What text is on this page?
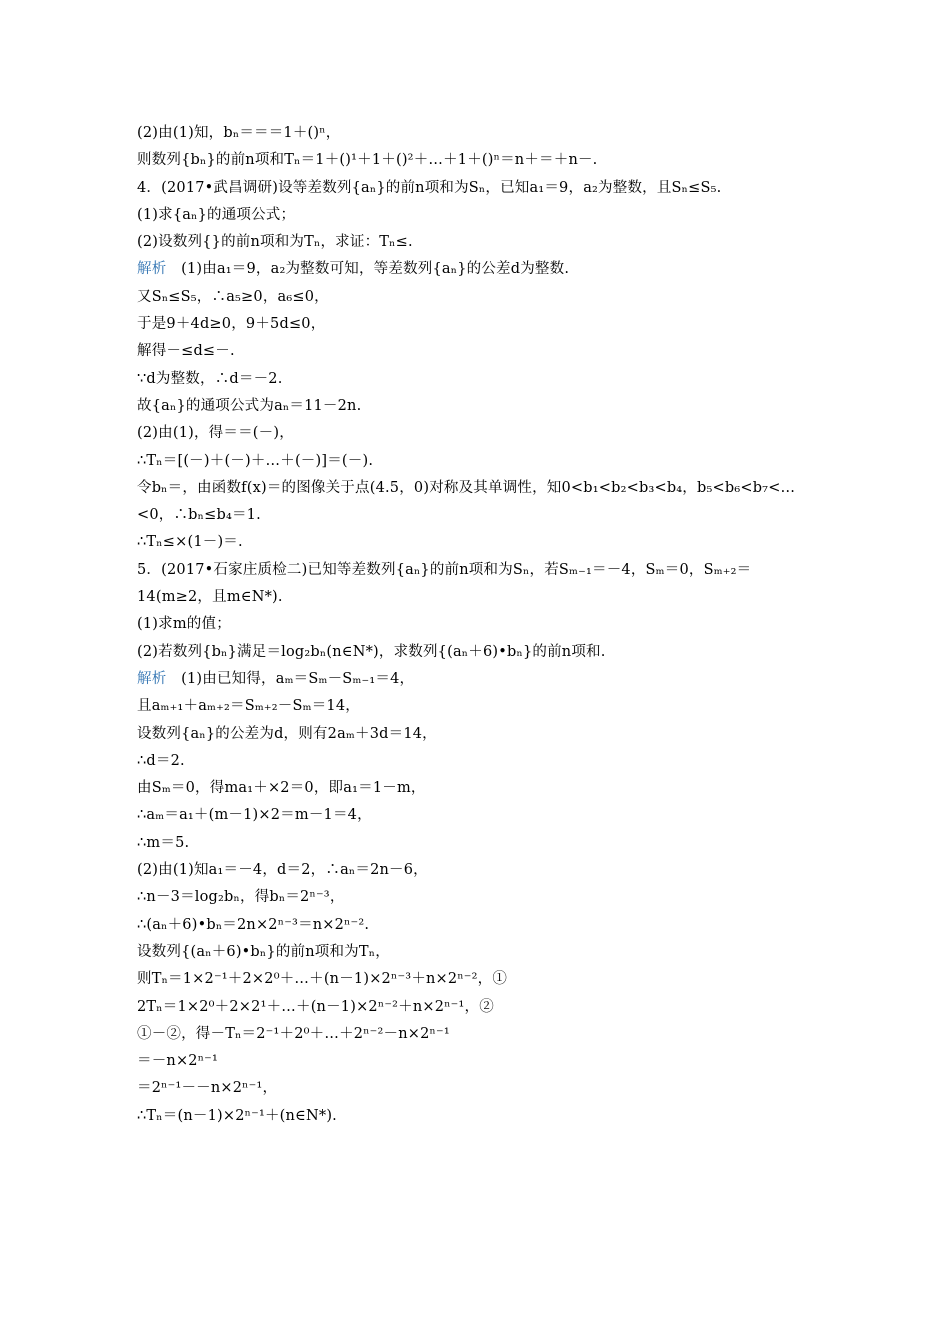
(2)由(1)知，bₙ＝＝＝1＋()ⁿ，
则数列{bₙ}的前n项和Tₙ＝1＋()¹＋1＋()²＋…＋1＋()ⁿ＝n＋＝＋n－.
4．(2017•武昌调研)设等差数列{aₙ}的前n项和为Sₙ，已知a₁＝9，a₂为整数，且Sₙ≤S₅.
(1)求{aₙ}的通项公式；
(2)设数列{}的前n项和为Tₙ，求证：Tₙ≤.
解析　(1)由a₁＝9，a₂为整数可知，等差数列{aₙ}的公差d为整数.
又Sₙ≤S₅，∴a₅≥0，a₆≤0，
于是9＋4d≥0，9＋5d≤0，
解得－≤d≤－.
∵d为整数，∴d＝－2.
故{aₙ}的通项公式为aₙ＝11－2n.
(2)由(1)，得＝＝(－)，
∴Tₙ＝[(－)＋(－)＋…＋(－)]＝(－).
令bₙ＝，由函数f(x)＝的图像关于点(4.5，0)对称及其单调性，知0<b₁<b₂<b₃<b₄，b₅<b₆<b₇<…
<0，∴bₙ≤b₄＝1.
∴Tₙ≤×(1－)＝.
5．(2017•石家庄质检二)已知等差数列{aₙ}的前n项和为Sₙ，若Sₘ₋₁＝－4，Sₘ＝0，Sₘ₊₂＝
14(m≥2，且m∈N*).
(1)求m的值；
(2)若数列{bₙ}满足＝log₂bₙ(n∈N*)，求数列{(aₙ＋6)•bₙ}的前n项和.
解析　(1)由已知得，aₘ＝Sₘ－Sₘ₋₁＝4，
且aₘ₊₁＋aₘ₊₂＝Sₘ₊₂－Sₘ＝14，
设数列{aₙ}的公差为d，则有2aₘ＋3d＝14，
∴d＝2.
由Sₘ＝0，得ma₁＋×2＝0，即a₁＝1－m，
∴aₘ＝a₁＋(m－1)×2＝m－1＝4，
∴m＝5.
(2)由(1)知a₁＝－4，d＝2，∴aₙ＝2n－6，
∴n－3＝log₂bₙ，得bₙ＝2ⁿ⁻³，
∴(aₙ＋6)•bₙ＝2n×2ⁿ⁻³＝n×2ⁿ⁻².
设数列{(aₙ＋6)•bₙ}的前n项和为Tₙ，
则Tₙ＝1×2⁻¹＋2×2⁰＋…＋(n－1)×2ⁿ⁻³＋n×2ⁿ⁻²，①
2Tₙ＝1×2⁰＋2×2¹＋…＋(n－1)×2ⁿ⁻²＋n×2ⁿ⁻¹，②
①－②，得－Tₙ＝2⁻¹＋2⁰＋…＋2ⁿ⁻²－n×2ⁿ⁻¹
＝－n×2ⁿ⁻¹
＝2ⁿ⁻¹－－n×2ⁿ⁻¹，
∴Tₙ＝(n－1)×2ⁿ⁻¹＋(n∈N*).
